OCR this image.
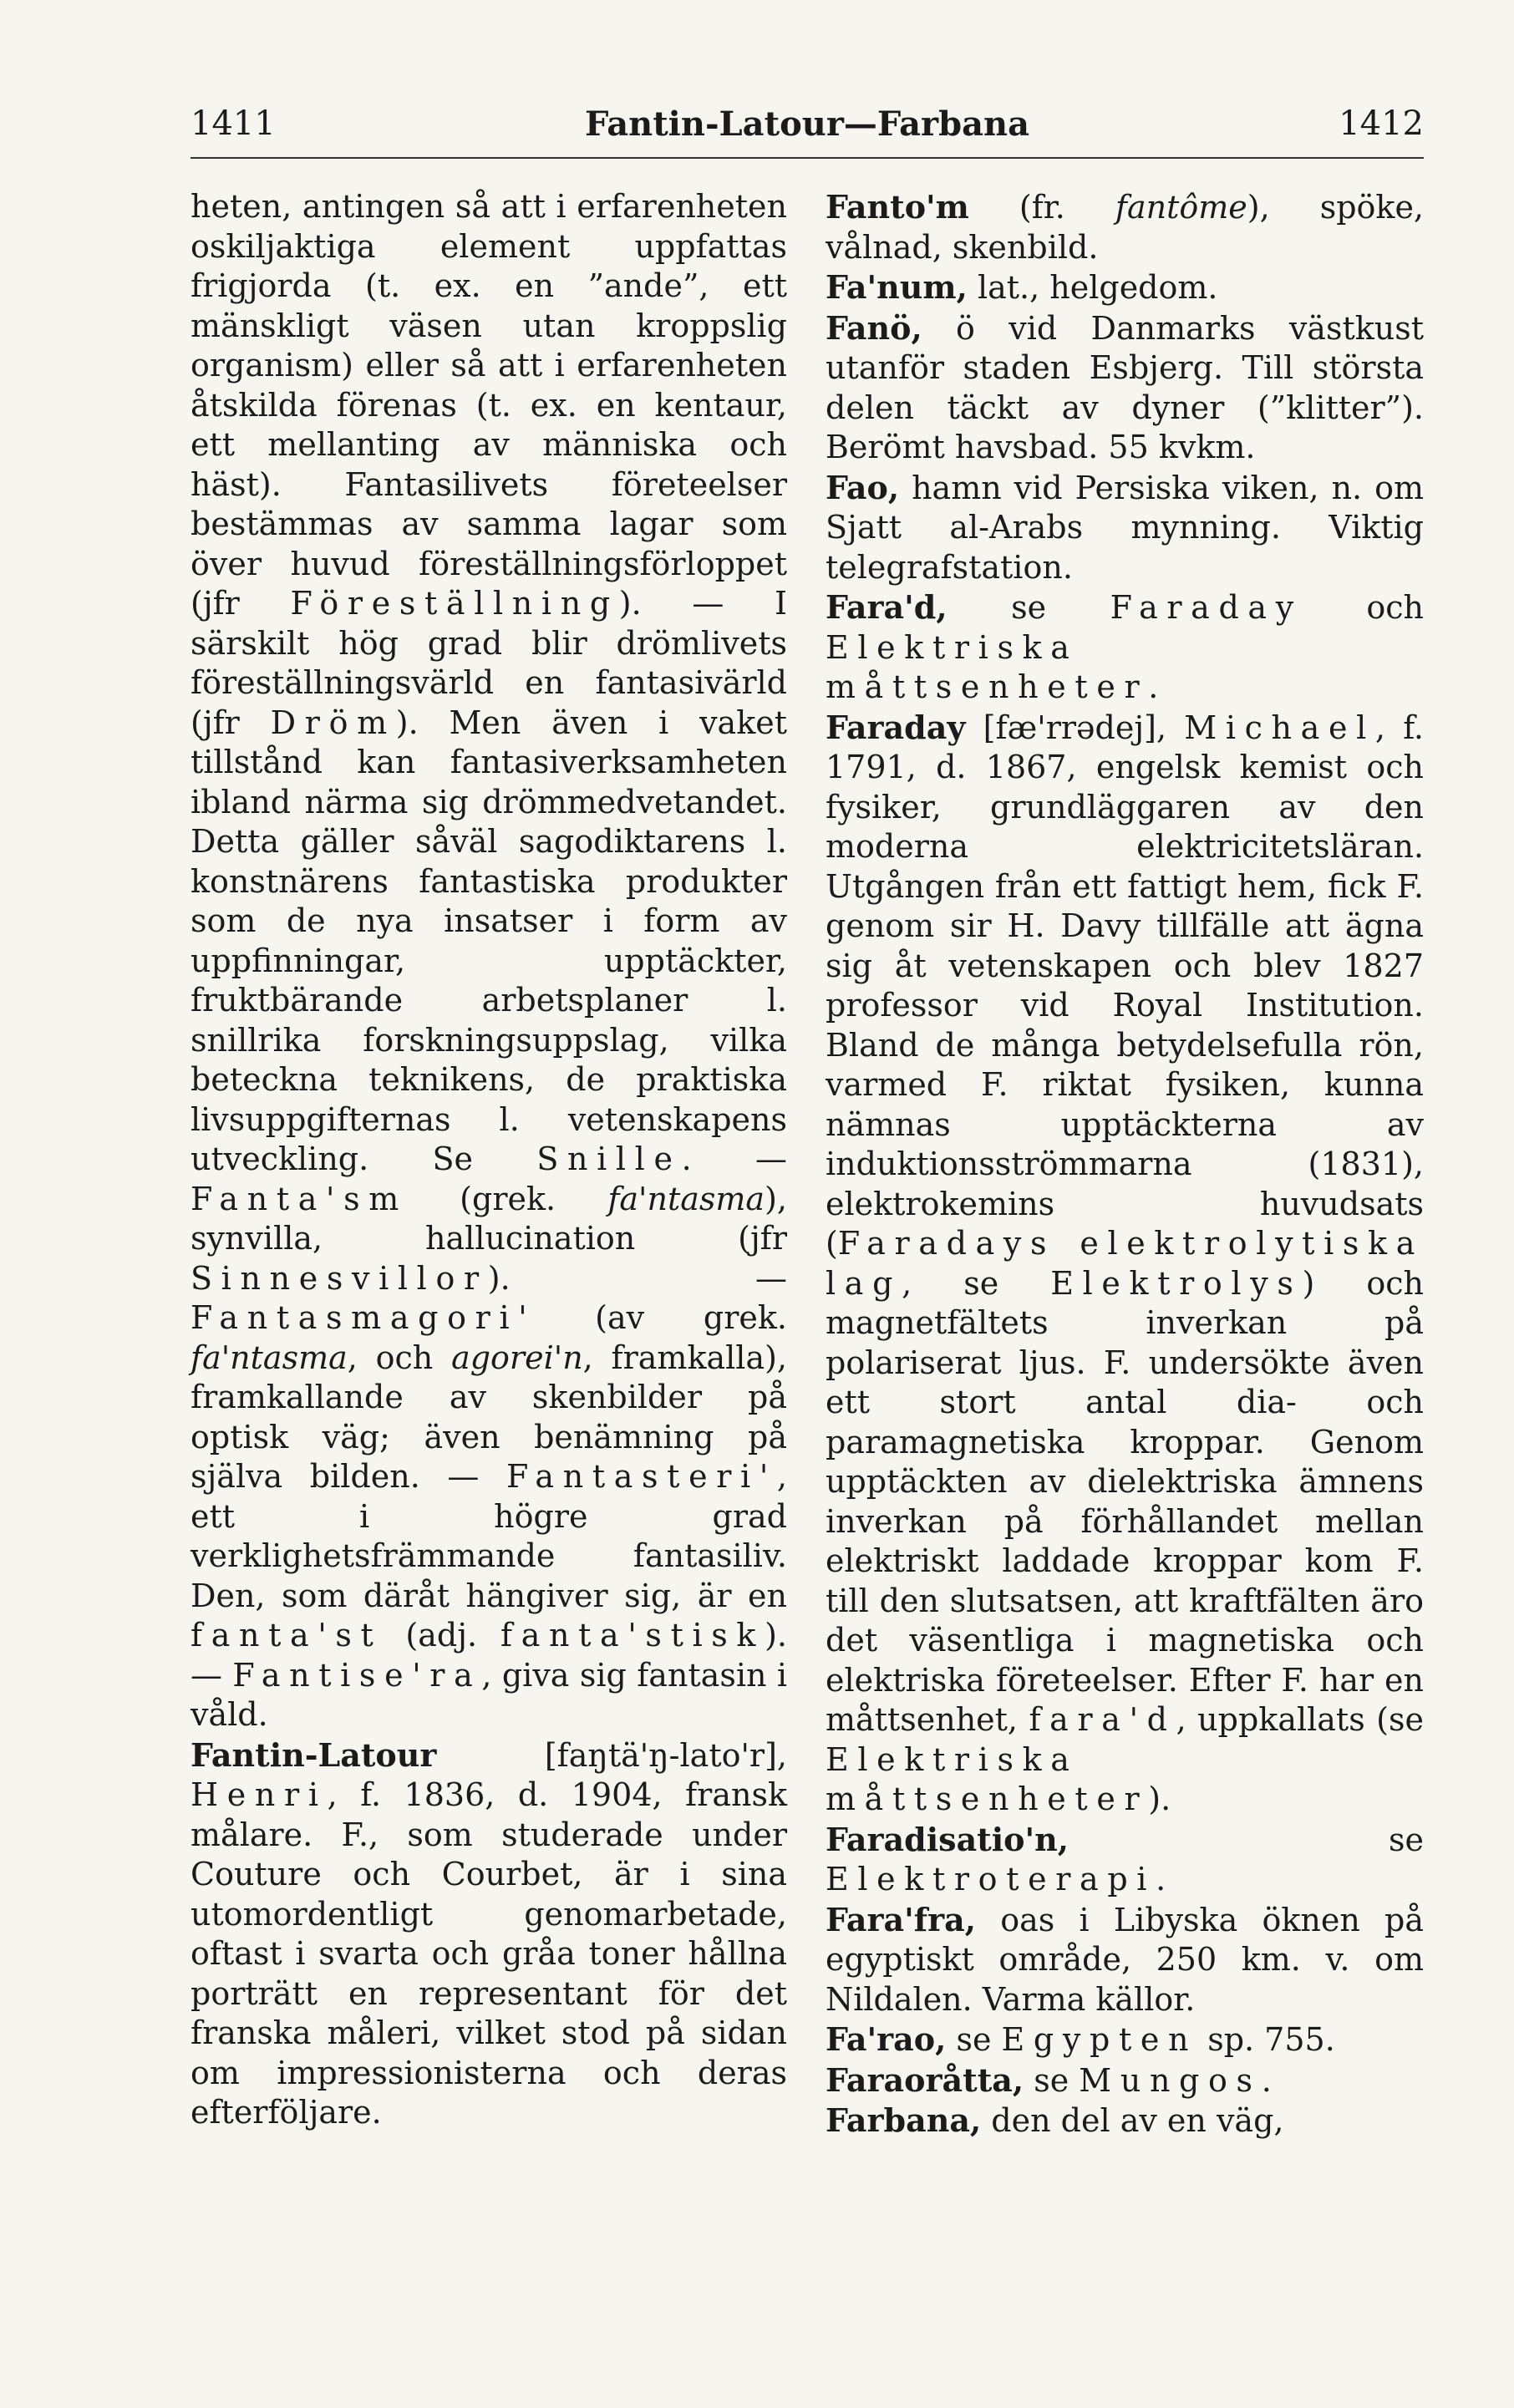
1411	Fantin-Latour—Farbana	1412

heten, antingen så att i erfarenheten oskiljaktiga element uppfattas frigjorda (t. ex. en ”ande”, ett mänskligt väsen utan kroppslig organism) eller så att i erfarenheten åtskilda förenas (t. ex. en kentaur, ett mellanting av människa och häst). Fantasilivets företeelser bestämmas av samma lagar som över huvud föreställningsförloppet (jfr Föreställning). — I särskilt hög grad blir drömlivets föreställningsvärld en fantasivärld (jfr Dröm). Men även i vaket tillstånd kan fantasiverksamheten ibland närma sig drömmedvetandet. Detta gäller såväl sagodiktarens l. konstnärens fantastiska produkter som de nya insatser i form av uppfinningar, upptäckter, fruktbärande arbetsplaner l. snillrika forskningsuppslag, vilka beteckna teknikens, de praktiska livsuppgifternas l. vetenskapens utveckling. Se Snille. — Fanta'sm (grek. fa'ntasma), synvilla, hallucination (jfr Sinnesvillor). — Fantasmagori' (av grek. fa'ntasma, och agorei'n, framkalla), framkallande av skenbilder på optisk väg; även benämning på själva bilden. — Fantasteri', ett i högre grad verklighetsfrämmande fantasiliv. Den, som däråt hängiver sig, är en fanta'st (adj. fanta'stisk). — Fantise'ra, giva sig fantasin i våld.

Fantin-Latour [faŋtä'ŋ-lato'r], Henri, f. 1836, d. 1904, fransk målare. F., som studerade under Couture och Courbet, är i sina utomordentligt genomarbetade, oftast i svarta och gråa toner hållna porträtt en representant för det franska måleri, vilket stod på sidan om impressionisterna och deras efterföljare.

Fanto'm (fr. fantôme), spöke, vålnad, skenbild.

Fa'num, lat., helgedom.

Fanö, ö vid Danmarks västkust utanför staden Esbjerg. Till största delen täckt av dyner (”klitter”). Berömt havsbad. 55 kvkm.

Fao, hamn vid Persiska viken, n. om Sjatt al-Arabs mynning. Viktig telegrafstation.

Fara'd, se Faraday och Elektriska måttsenheter.

Faraday [fæ'rrədej], Michael, f. 1791, d. 1867, engelsk kemist och fysiker, grundläggaren av den moderna elektricitetsläran. Utgången från ett fattigt hem, fick F. genom sir H. Davy tillfälle att ägna sig åt vetenskapen och blev 1827 professor vid Royal Institution. Bland de många betydelsefulla rön, varmed F. riktat fysiken, kunna nämnas upptäckterna av induktionsströmmarna (1831), elektrokemins huvudsats (Faradays elektrolytiska lag, se Elektrolys) och magnetfältets inverkan på polariserat ljus. F. undersökte även ett stort antal dia- och paramagnetiska kroppar. Genom upptäckten av dielektriska ämnens inverkan på förhållandet mellan elektriskt laddade kroppar kom F. till den slutsatsen, att kraftfälten äro det väsentliga i magnetiska och elektriska företeelser. Efter F. har en måttsenhet, fara'd, uppkallats (se Elektriska måttsenheter).

Faradisatio'n, se Elektroterapi.

Fara'fra, oas i Libyska öknen på egyptiskt område, 250 km. v. om Nildalen. Varma källor.

Fa'rao, se Egypten sp. 755.

Faraoråtta, se Mungos.

Farbana, den del av en väg,
